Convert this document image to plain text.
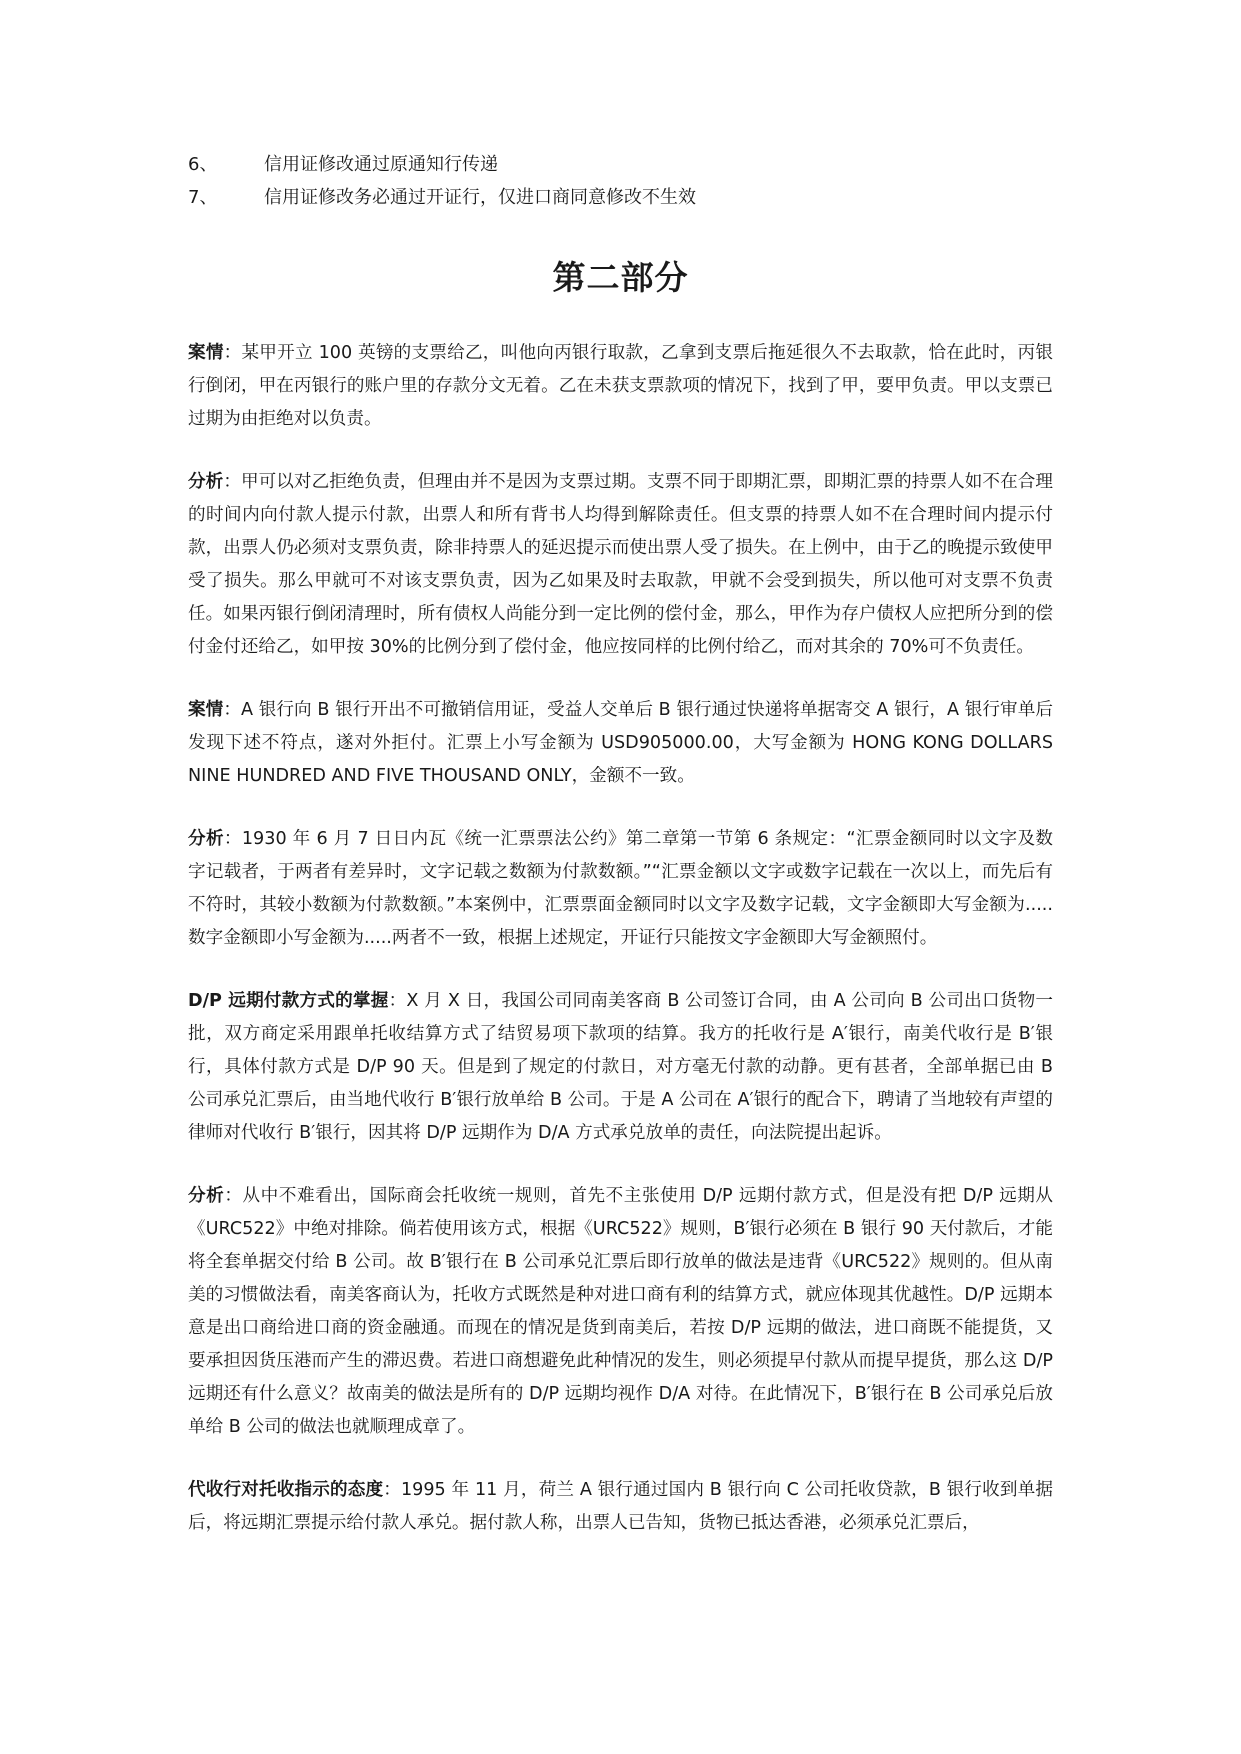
6、	信用证修改通过原通知行传递
7、	信用证修改务必通过开证行，仅进口商同意修改不生效
第二部分

案情：某甲开立 100 英镑的支票给乙，叫他向丙银行取款，乙拿到支票后拖延很久不去取款，恰在此时，丙银行倒闭，甲在丙银行的账户里的存款分文无着。乙在未获支票款项的情况下，找到了甲，要甲负责。甲以支票已过期为由拒绝对以负责。

分析：甲可以对乙拒绝负责，但理由并不是因为支票过期。支票不同于即期汇票，即期汇票的持票人如不在合理的时间内向付款人提示付款，出票人和所有背书人均得到解除责任。但支票的持票人如不在合理时间内提示付款，出票人仍必须对支票负责，除非持票人的延迟提示而使出票人受了损失。在上例中，由于乙的晚提示致使甲受了损失。那么甲就可不对该支票负责，因为乙如果及时去取款，甲就不会受到损失，所以他可对支票不负责任。如果丙银行倒闭清理时，所有债权人尚能分到一定比例的偿付金，那么，甲作为存户债权人应把所分到的偿付金付还给乙，如甲按 30%的比例分到了偿付金，他应按同样的比例付给乙，而对其余的 70%可不负责任。

案情：A 银行向 B 银行开出不可撤销信用证，受益人交单后 B 银行通过快递将单据寄交 A 银行，A 银行审单后发现下述不符点，遂对外拒付。汇票上小写金额为 USD905000.00，大写金额为 HONG KONG DOLLARS NINE HUNDRED AND FIVE THOUSAND ONLY，金额不一致。

分析：1930 年 6 月 7 日日内瓦《统一汇票票法公约》第二章第一节第 6 条规定：“汇票金额同时以文字及数字记载者，于两者有差异时，文字记载之数额为付款数额。”“汇票金额以文字或数字记载在一次以上，而先后有不符时，其较小数额为付款数额。”本案例中，汇票票面金额同时以文字及数字记载，文字金额即大写金额为.....数字金额即小写金额为.....两者不一致，根据上述规定，开证行只能按文字金额即大写金额照付。

D/P 远期付款方式的掌握：X 月 X 日，我国公司同南美客商 B 公司签订合同，由 A 公司向 B 公司出口货物一批，双方商定采用跟单托收结算方式了结贸易项下款项的结算。我方的托收行是 A′银行，南美代收行是 B′银行，具体付款方式是 D/P 90 天。但是到了规定的付款日，对方毫无付款的动静。更有甚者，全部单据已由 B 公司承兑汇票后，由当地代收行 B′银行放单给 B 公司。于是 A 公司在 A′银行的配合下，聘请了当地较有声望的律师对代收行 B′银行，因其将 D/P 远期作为 D/A 方式承兑放单的责任，向法院提出起诉。

分析：从中不难看出，国际商会托收统一规则，首先不主张使用 D/P 远期付款方式，但是没有把 D/P 远期从《URC522》中绝对排除。倘若使用该方式，根据《URC522》规则，B′银行必须在 B 银行 90 天付款后，才能将全套单据交付给 B 公司。故 B′银行在 B 公司承兑汇票后即行放单的做法是违背《URC522》规则的。但从南美的习惯做法看，南美客商认为，托收方式既然是种对进口商有利的结算方式，就应体现其优越性。D/P 远期本意是出口商给进口商的资金融通。而现在的情况是货到南美后，若按 D/P 远期的做法，进口商既不能提货，又要承担因货压港而产生的滞迟费。若进口商想避免此种情况的发生，则必须提早付款从而提早提货，那么这 D/P 远期还有什么意义？故南美的做法是所有的 D/P 远期均视作 D/A 对待。在此情况下，B′银行在 B 公司承兑后放单给 B 公司的做法也就顺理成章了。

代收行对托收指示的态度：1995 年 11 月，荷兰 A 银行通过国内 B 银行向 C 公司托收贷款，B 银行收到单据后，将远期汇票提示给付款人承兑。据付款人称，出票人已告知，货物已抵达香港，必须承兑汇票后，
